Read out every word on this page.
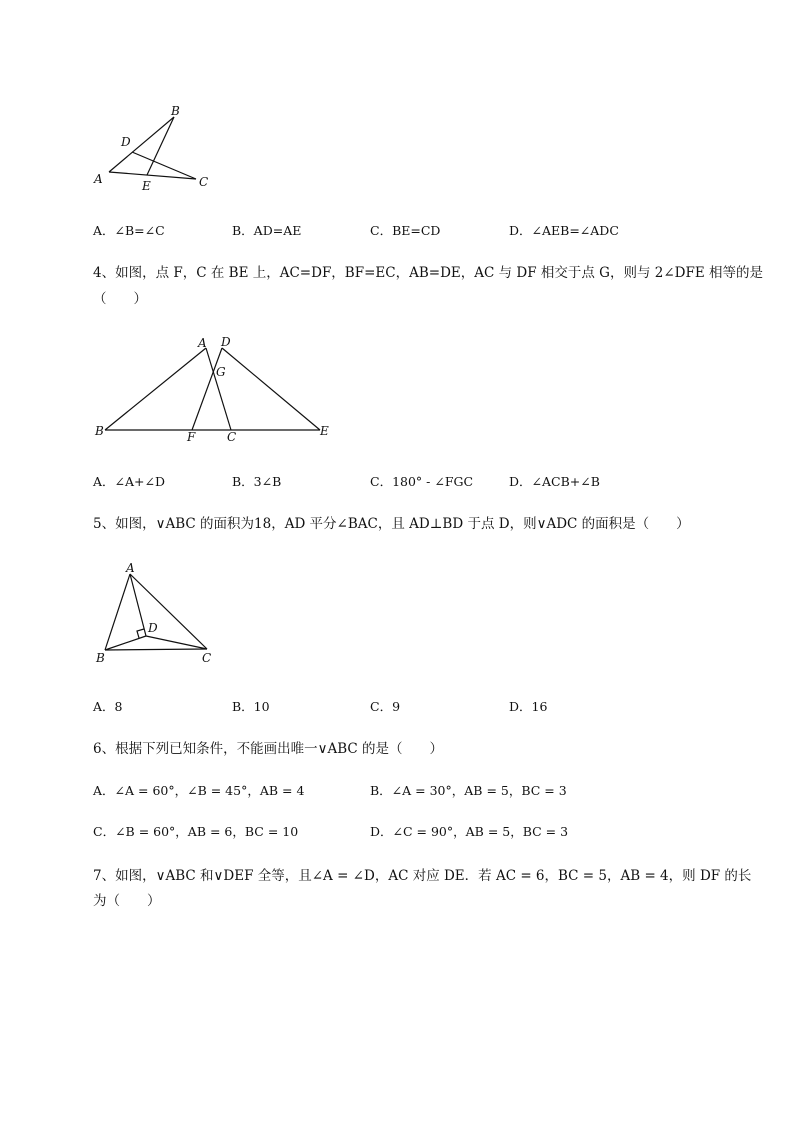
B
D
A	E	C
A．∠B=∠C	B．AD=AE	C．BE=CD	D．∠AEB=∠ADC
4、如图，点 F，C 在 BE 上，AC=DF，BF=EC，AB=DE，AC 与 DF 相交于点 G，则与 2∠DFE 相等的是
（　　）
A D
G
B	F	C	E
A．∠A+∠D	B．3∠B	C．180° - ∠FGC	D．∠ACB+∠B
5、如图，∨ABC 的面积为18，AD 平分∠BAC，且 AD⊥BD 于点 D，则∨ADC 的面积是（　　）
A
D
B	C
A．8	B．10	C．9	D．16
6、根据下列已知条件，不能画出唯一∨ABC 的是（　　）
A．∠A = 60°，∠B = 45°，AB = 4	B．∠A = 30°，AB = 5，BC = 3
C．∠B = 60°，AB = 6，BC = 10	D．∠C = 90°，AB = 5，BC = 3
7、如图，∨ABC 和∨DEF 全等，且∠A = ∠D，AC 对应 DE．若 AC = 6，BC = 5，AB = 4，则 DF 的长
为（　　）
